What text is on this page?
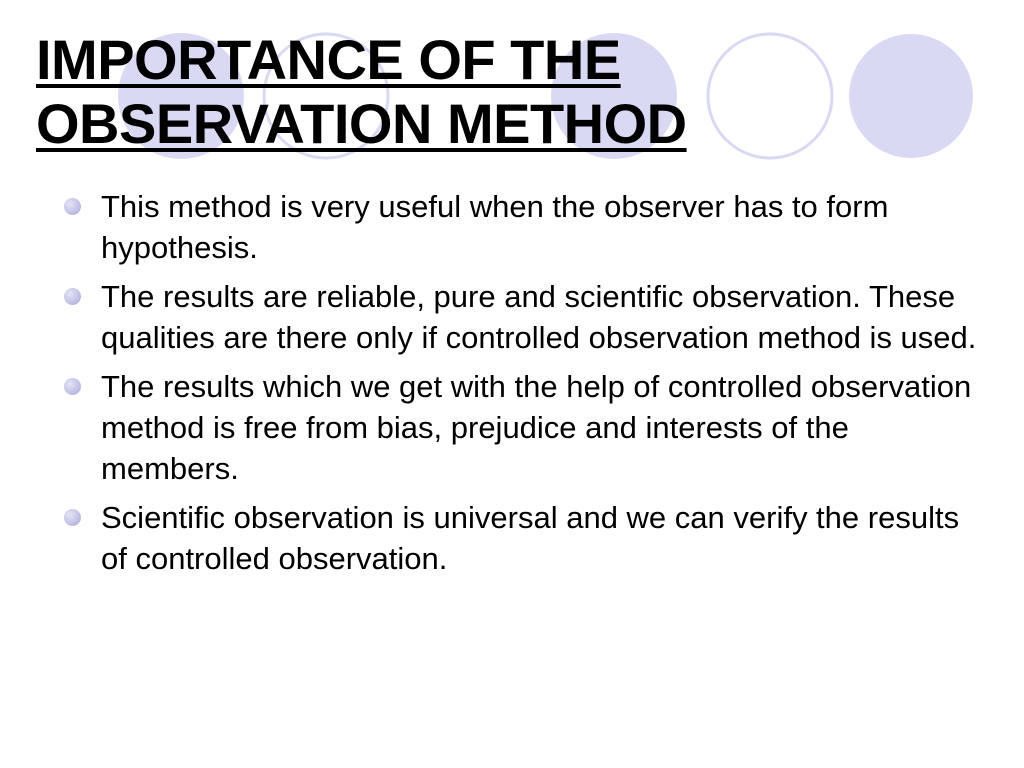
IMPORTANCE OF THE
OBSERVATION METHOD
This method is very useful when the observer has to form hypothesis.
The results are reliable, pure and scientific observation. These qualities are there only if controlled observation method is used.
The results which we get with the help of controlled observation method is free from bias, prejudice and interests of the members.
Scientific observation is universal and we can verify the results of controlled observation.
